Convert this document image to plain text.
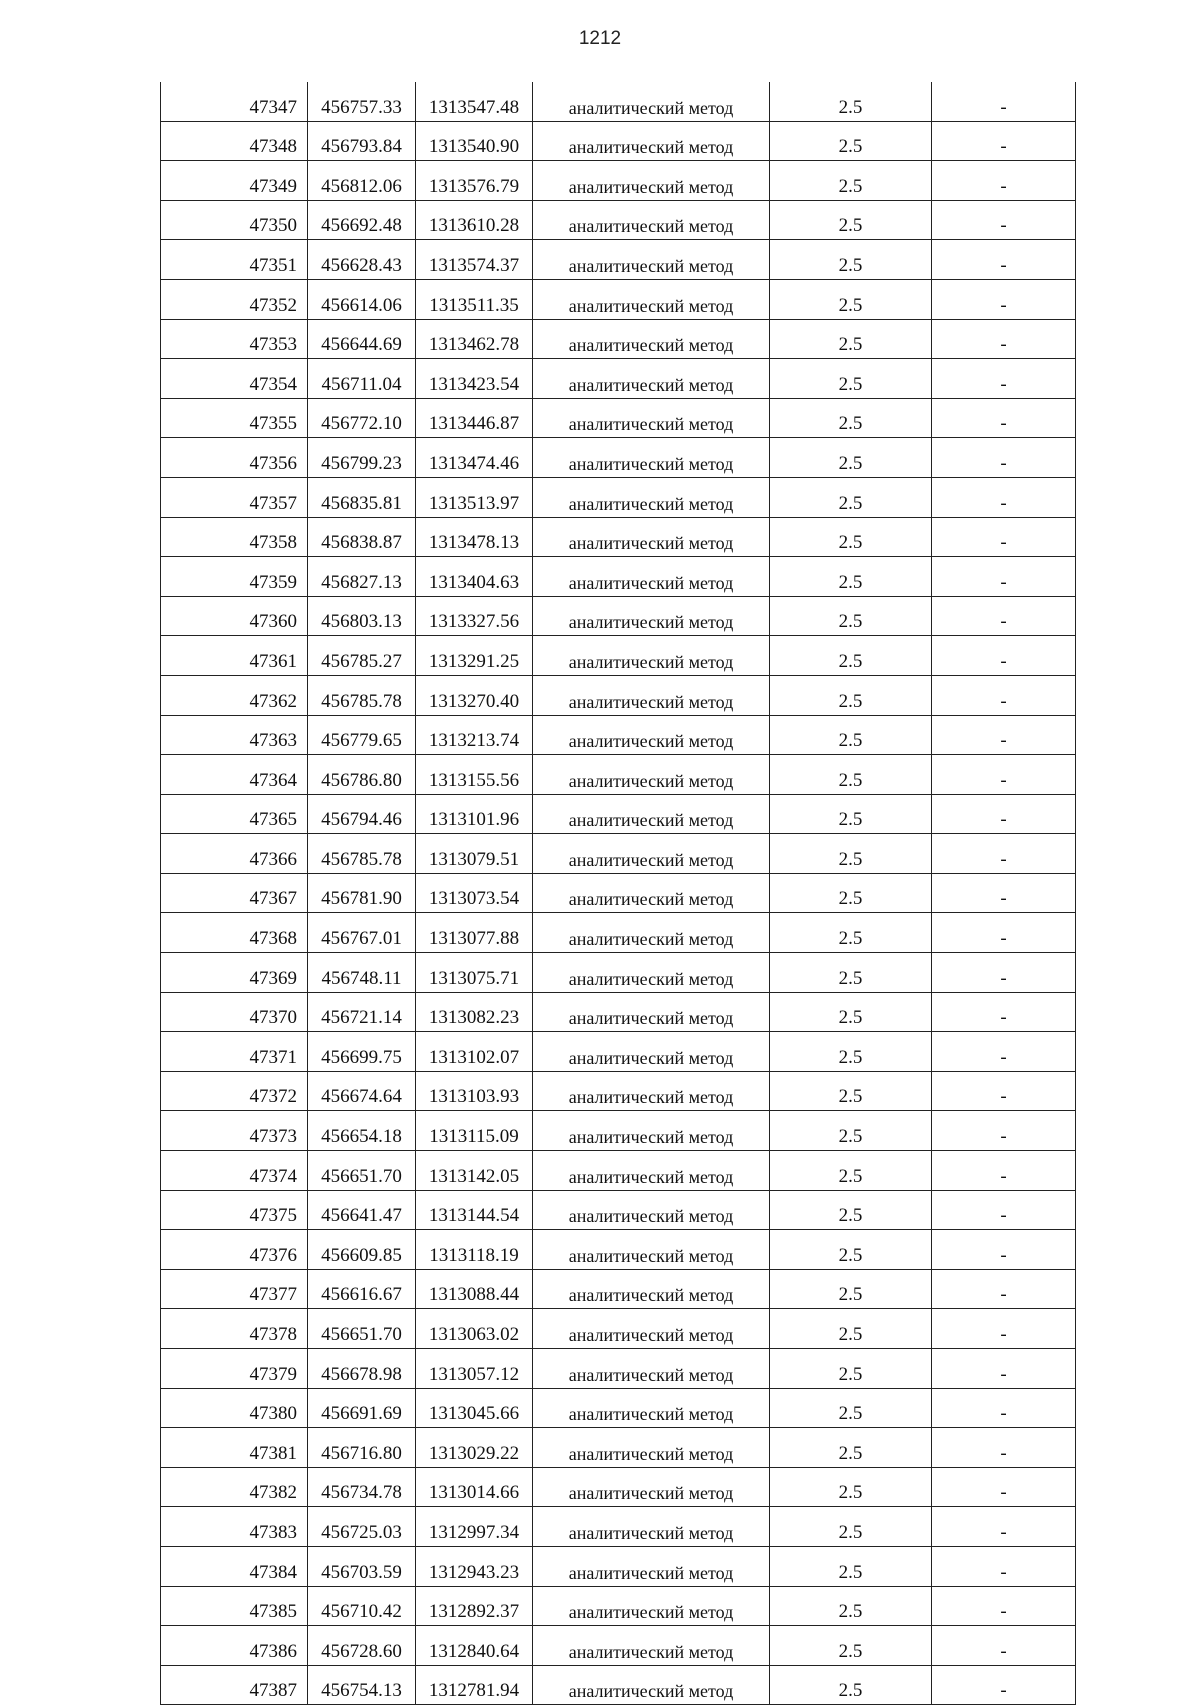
1212
47347	456757.33	1313547.48	аналитический метод	2.5	-
47348	456793.84	1313540.90	аналитический метод	2.5	-
47349	456812.06	1313576.79	аналитический метод	2.5	-
47350	456692.48	1313610.28	аналитический метод	2.5	-
47351	456628.43	1313574.37	аналитический метод	2.5	-
47352	456614.06	1313511.35	аналитический метод	2.5	-
47353	456644.69	1313462.78	аналитический метод	2.5	-
47354	456711.04	1313423.54	аналитический метод	2.5	-
47355	456772.10	1313446.87	аналитический метод	2.5	-
47356	456799.23	1313474.46	аналитический метод	2.5	-
47357	456835.81	1313513.97	аналитический метод	2.5	-
47358	456838.87	1313478.13	аналитический метод	2.5	-
47359	456827.13	1313404.63	аналитический метод	2.5	-
47360	456803.13	1313327.56	аналитический метод	2.5	-
47361	456785.27	1313291.25	аналитический метод	2.5	-
47362	456785.78	1313270.40	аналитический метод	2.5	-
47363	456779.65	1313213.74	аналитический метод	2.5	-
47364	456786.80	1313155.56	аналитический метод	2.5	-
47365	456794.46	1313101.96	аналитический метод	2.5	-
47366	456785.78	1313079.51	аналитический метод	2.5	-
47367	456781.90	1313073.54	аналитический метод	2.5	-
47368	456767.01	1313077.88	аналитический метод	2.5	-
47369	456748.11	1313075.71	аналитический метод	2.5	-
47370	456721.14	1313082.23	аналитический метод	2.5	-
47371	456699.75	1313102.07	аналитический метод	2.5	-
47372	456674.64	1313103.93	аналитический метод	2.5	-
47373	456654.18	1313115.09	аналитический метод	2.5	-
47374	456651.70	1313142.05	аналитический метод	2.5	-
47375	456641.47	1313144.54	аналитический метод	2.5	-
47376	456609.85	1313118.19	аналитический метод	2.5	-
47377	456616.67	1313088.44	аналитический метод	2.5	-
47378	456651.70	1313063.02	аналитический метод	2.5	-
47379	456678.98	1313057.12	аналитический метод	2.5	-
47380	456691.69	1313045.66	аналитический метод	2.5	-
47381	456716.80	1313029.22	аналитический метод	2.5	-
47382	456734.78	1313014.66	аналитический метод	2.5	-
47383	456725.03	1312997.34	аналитический метод	2.5	-
47384	456703.59	1312943.23	аналитический метод	2.5	-
47385	456710.42	1312892.37	аналитический метод	2.5	-
47386	456728.60	1312840.64	аналитический метод	2.5	-
47387	456754.13	1312781.94	аналитический метод	2.5	-
